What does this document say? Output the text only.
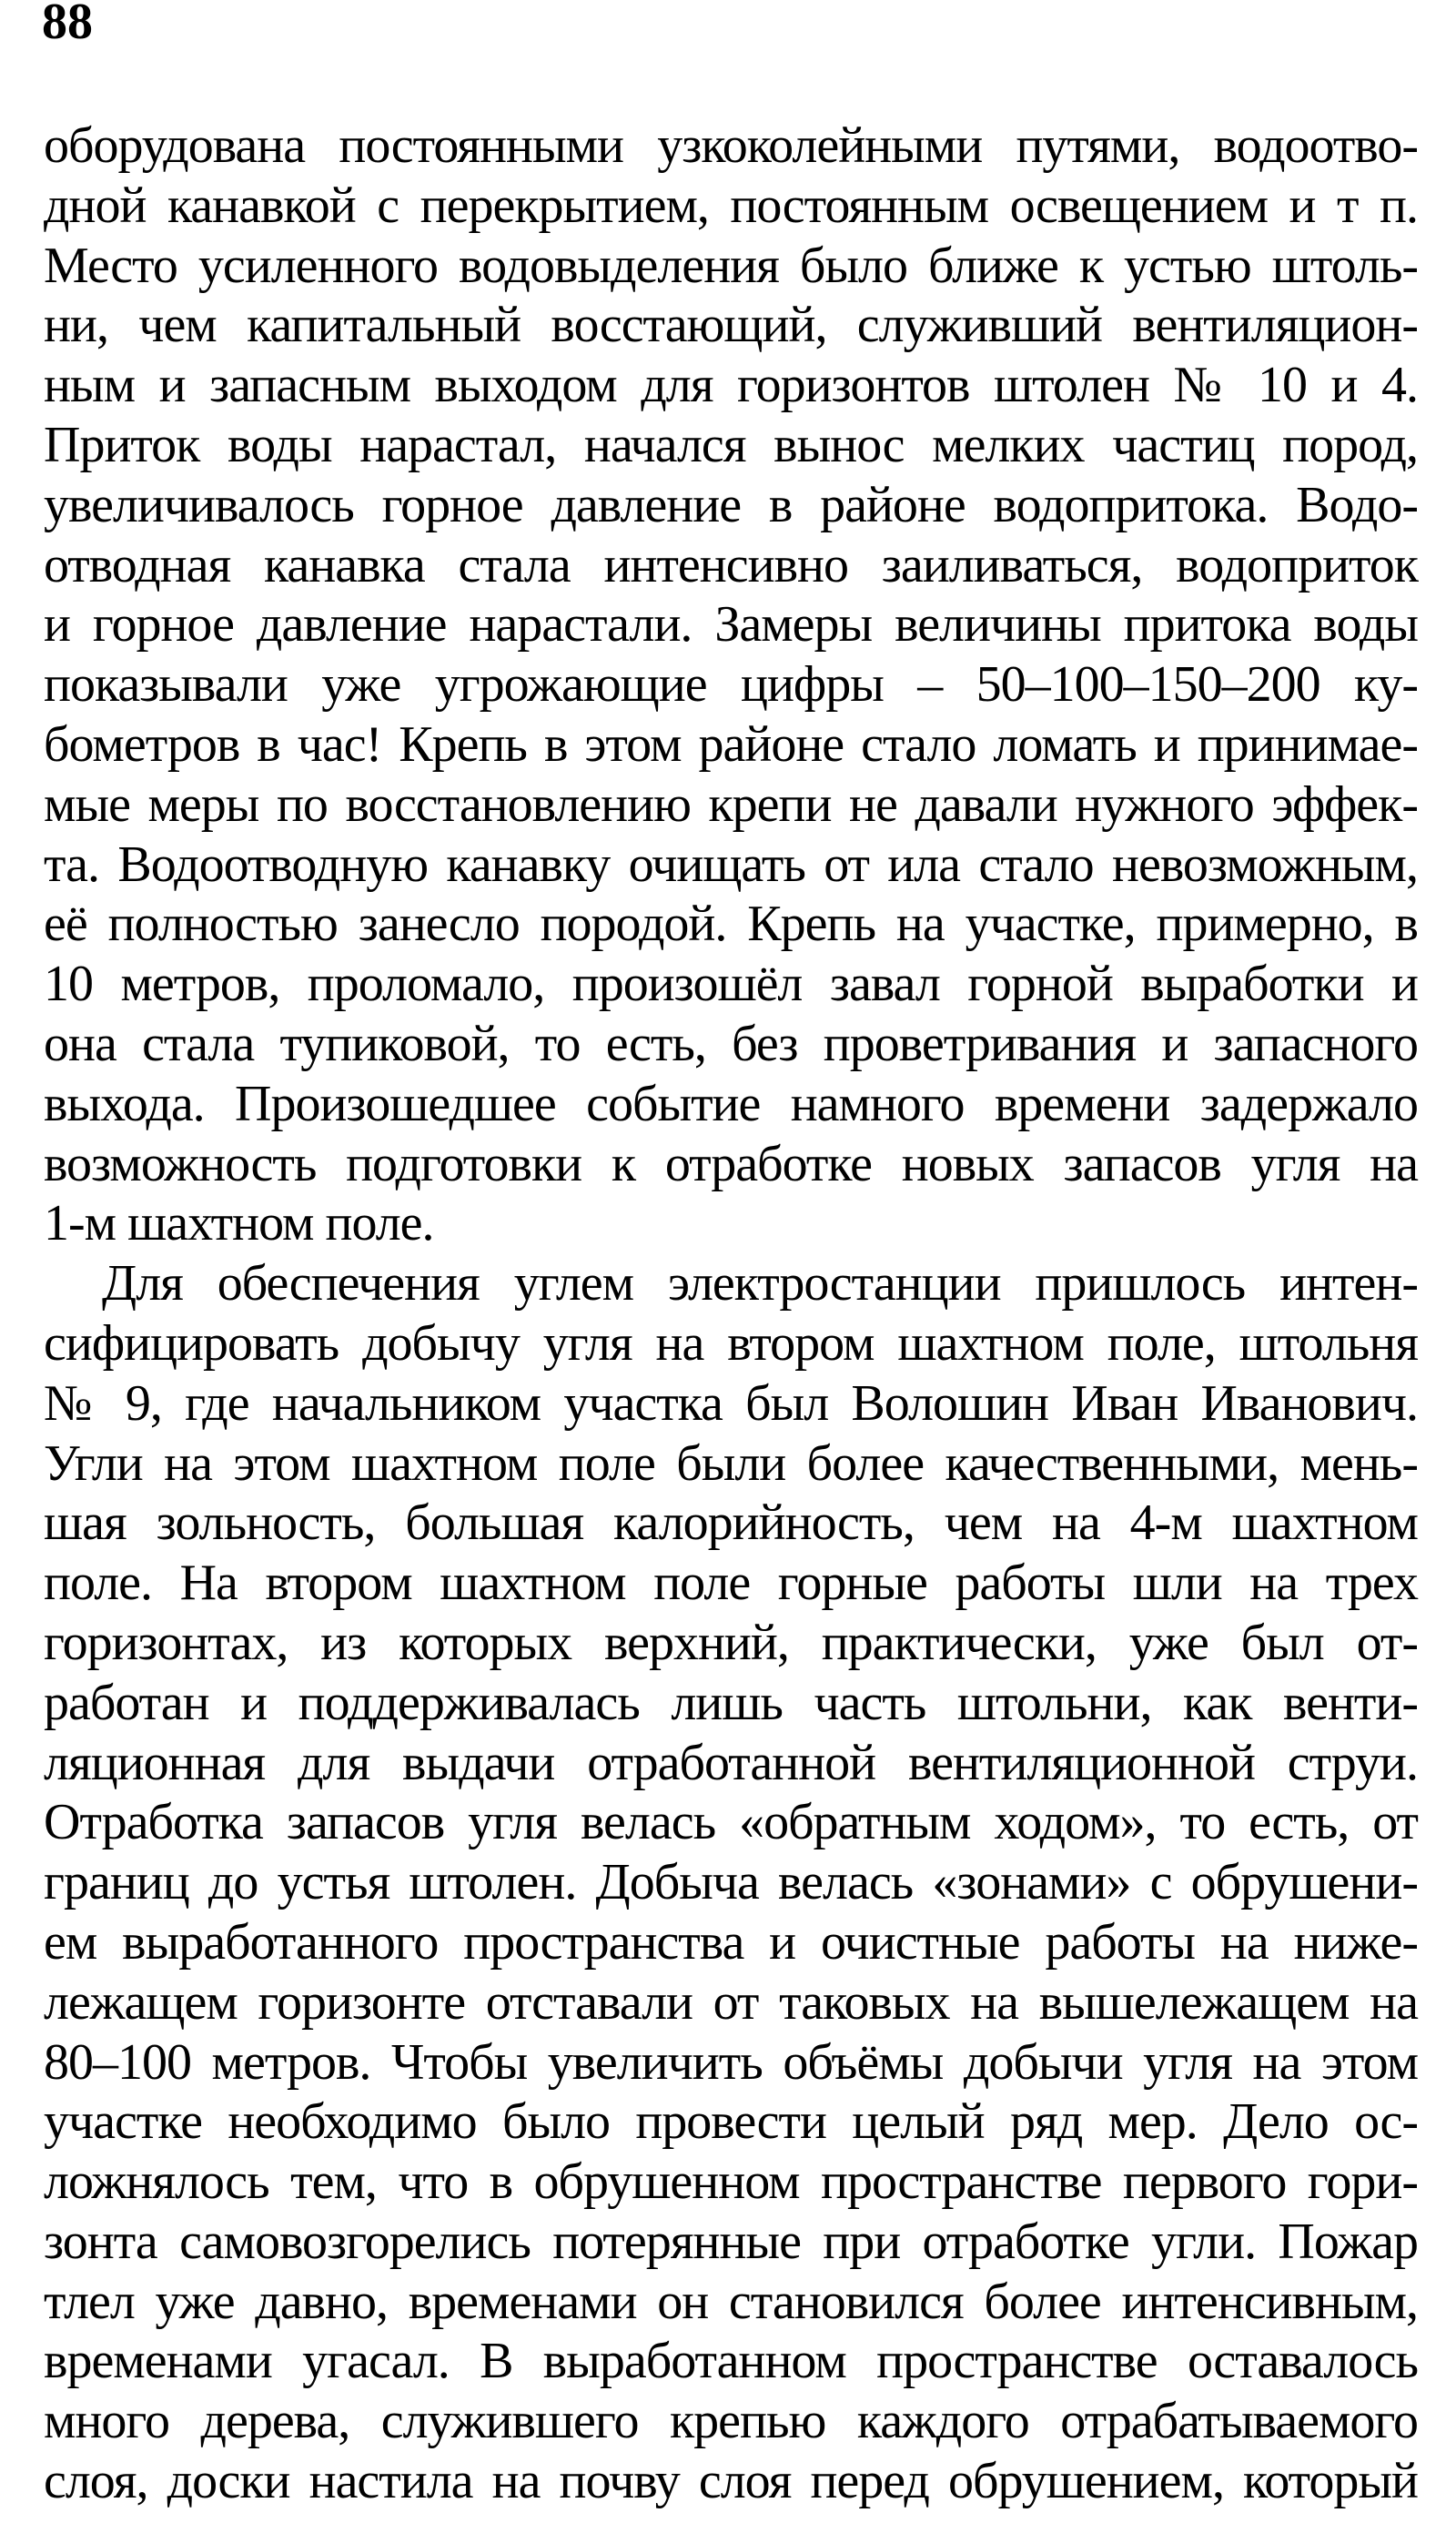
88
оборудована постоянными узкоколейными путями, водоотво-
дной канавкой с перекрытием, постоянным освещением и т п.
Место усиленного водовыделения было ближе к устью штоль-
ни, чем капитальный восстающий, служивший вентиляцион-
ным и запасным выходом для горизонтов штолен № 10 и 4.
Приток воды нарастал, начался вынос мелких частиц пород,
увеличивалось горное давление в районе водопритока. Водо-
отводная канавка стала интенсивно заиливаться, водоприток
и горное давление нарастали. Замеры величины притока воды
показывали уже угрожающие цифры – 50–100–150–200 ку-
бометров в час! Крепь в этом районе стало ломать и принимае-
мые меры по восстановлению крепи не давали нужного эффек-
та. Водоотводную канавку очищать от ила стало невозможным,
её полностью занесло породой. Крепь на участке, примерно, в
10 метров, проломало, произошёл завал горной выработки и
она стала тупиковой, то есть, без проветривания и запасного
выхода. Произошедшее событие намного времени задержало
возможность подготовки к отработке новых запасов угля на
1-м шахтном поле.
Для обеспечения углем электростанции пришлось интен-
сифицировать добычу угля на втором шахтном поле, штольня
№ 9, где начальником участка был Волошин Иван Иванович.
Угли на этом шахтном поле были более качественными, мень-
шая зольность, большая калорийность, чем на 4-м шахтном
поле. На втором шахтном поле горные работы шли на трех
горизонтах, из которых верхний, практически, уже был от-
работан и поддерживалась лишь часть штольни, как венти-
ляционная для выдачи отработанной вентиляционной струи.
Отработка запасов угля велась «обратным ходом», то есть, от
границ до устья штолен. Добыча велась «зонами» с обрушени-
ем выработанного пространства и очистные работы на ниже-
лежащем горизонте отставали от таковых на вышележащем на
80–100 метров. Чтобы увеличить объёмы добычи угля на этом
участке необходимо было провести целый ряд мер. Дело ос-
ложнялось тем, что в обрушенном пространстве первого гори-
зонта самовозгорелись потерянные при отработке угли. Пожар
тлел уже давно, временами он становился более интенсивным,
временами угасал. В выработанном пространстве оставалось
много дерева, служившего крепью каждого отрабатываемого
слоя, доски настила на почву слоя перед обрушением, который
